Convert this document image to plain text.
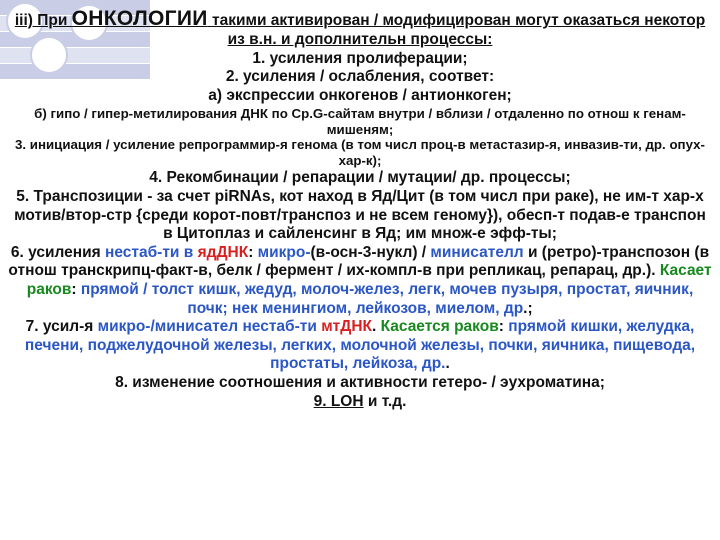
iii) При ОНКОЛОГИИ такими активирован / модифицирован могут оказаться некотор из в.н. и дополнительн процессы:

1. усиления пролиферации;

2. усиления / ослабления, соответ:

а) экспрессии онкогенов / антионкоген;

б) гипо / гипер-метилирования ДНК по Ср.G-сайтам внутри / вблизи / отдаленно по отнош к генам-мишеням;

3. инициация / усиление репрограммир-я генома (в том числ проц-в метастазир-я, инвазив-ти, др. опух-хар-к);

4. Рекомбинации / репарации / мутации/ др. процессы;

5. Транспозиции - за счет piRNAs, кот наход в Яд/Цит (в том числ при раке), не им-т хар-х мотив/втор-стр {среди корот-повт/транспоз и не всем геному}), обесп-т подав-е транспон в Цитоплаз и сайленсинг в Яд; им множ-е эфф-ты;

6. усиления нестаб-ти в ядДНК: микро-(в-осн-3-нукл) / минисателл и (ретро)-транспозон (в отнош транскрипц-факт-в, белк / фермент / их-компл-в при репликац, репарац, др.). Касает раков: прямой / толст кишк, жедуд, молоч-желез, легк, мочев пузыря, простат, яичник, почк; нек менингиом, лейкозов, миелом, др.;

7. усил-я микро-/минисател нестаб-ти мтДНК. Касается раков: прямой кишки, желудка, печени, поджелудочной железы, легких, молочной железы, почки, яичника, пищевода, простаты, лейкоза, др..

8. изменение соотношения и активности гетеро- / эухроматина;

9. LOH и т.д.
